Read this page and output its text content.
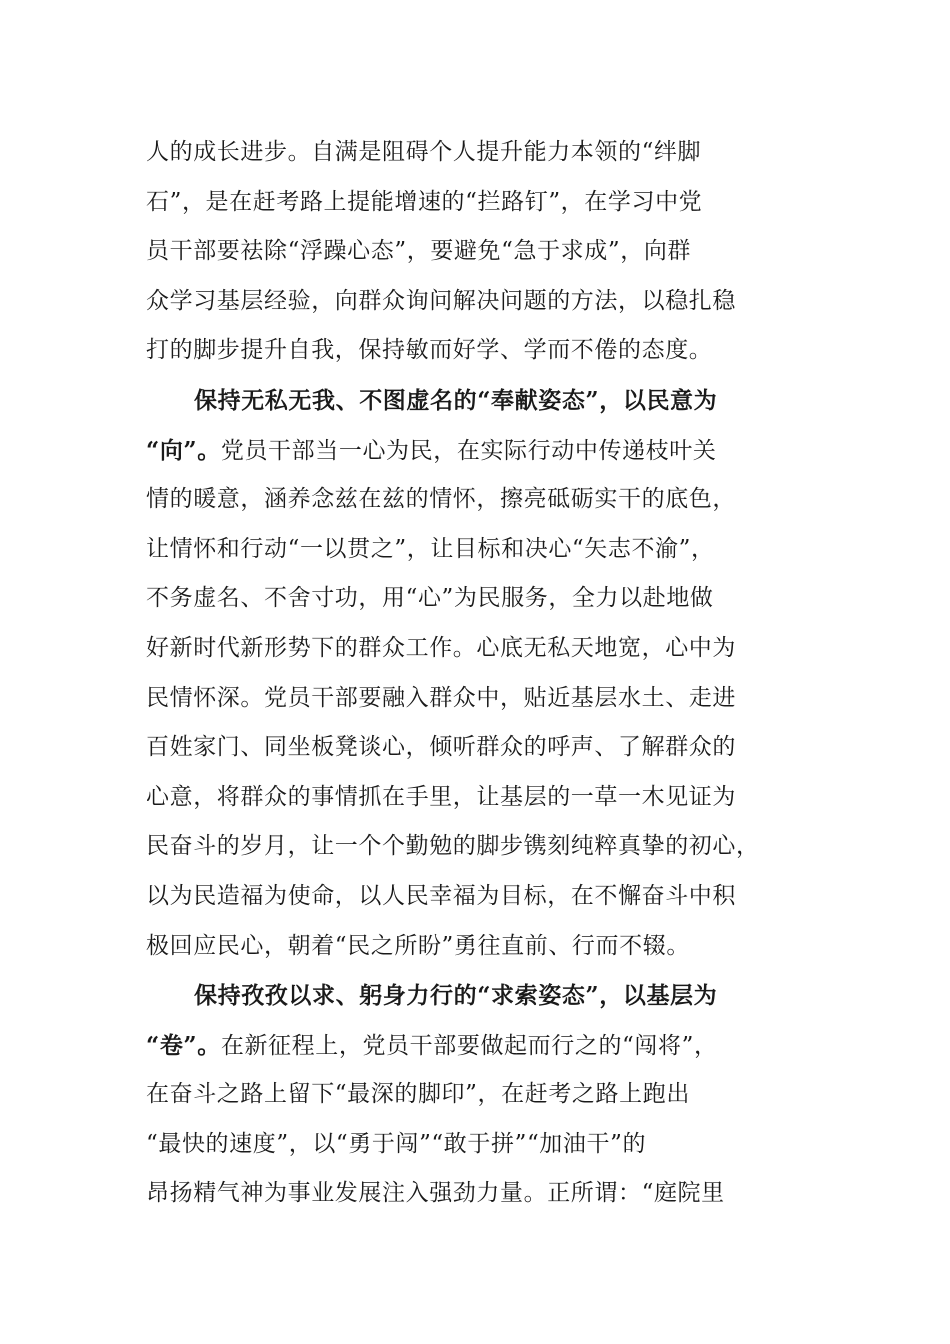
人的成长进步。自满是阻碍个人提升能力本领的“绊脚
石”，是在赶考路上提能增速的“拦路钉”，在学习中党
员干部要祛除“浮躁心态”，要避免“急于求成”，向群
众学习基层经验，向群众询问解决问题的方法，以稳扎稳
打的脚步提升自我，保持敏而好学、学而不倦的态度。
保持无私无我、不图虚名的“奉献姿态”，以民意为
“向”。党员干部当一心为民，在实际行动中传递枝叶关
情的暖意，涵养念兹在兹的情怀，擦亮砥砺实干的底色，
让情怀和行动“一以贯之”，让目标和决心“矢志不渝”，
不务虚名、不舍寸功，用“心”为民服务，全力以赴地做
好新时代新形势下的群众工作。心底无私天地宽，心中为
民情怀深。党员干部要融入群众中，贴近基层水土、走进
百姓家门、同坐板凳谈心，倾听群众的呼声、了解群众的
心意，将群众的事情抓在手里，让基层的一草一木见证为
民奋斗的岁月，让一个个勤勉的脚步镌刻纯粹真挚的初心，
以为民造福为使命，以人民幸福为目标，在不懈奋斗中积
极回应民心，朝着“民之所盼”勇往直前、行而不辍。
保持孜孜以求、躬身力行的“求索姿态”，以基层为
“卷”。在新征程上，党员干部要做起而行之的“闯将”，
在奋斗之路上留下“最深的脚印”，在赶考之路上跑出
“最快的速度”，以“勇于闯”“敢于拼”“加油干”的
昂扬精气神为事业发展注入强劲力量。正所谓：“庭院里
